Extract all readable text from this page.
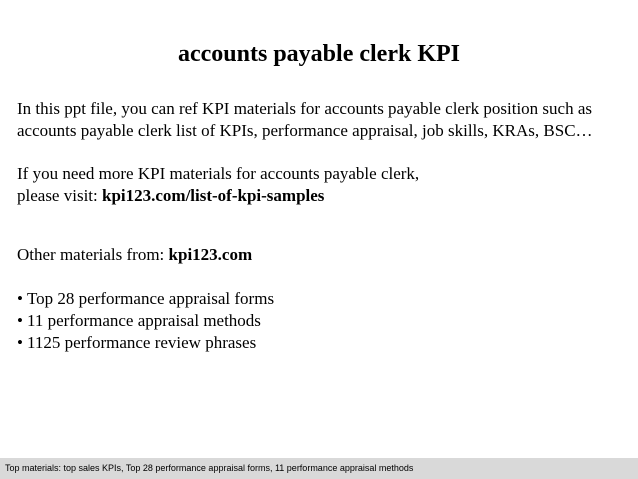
accounts payable clerk KPI
In this ppt file, you can ref KPI materials for accounts payable clerk position such as
accounts payable clerk list of KPIs, performance appraisal, job skills, KRAs, BSC…
If you need more KPI materials for accounts payable clerk,
please visit: kpi123.com/list-of-kpi-samples
Other materials from: kpi123.com
• Top 28 performance appraisal forms
• 11 performance appraisal methods
• 1125 performance review phrases
Top materials: top sales KPIs, Top 28 performance appraisal forms, 11 performance appraisal methods
